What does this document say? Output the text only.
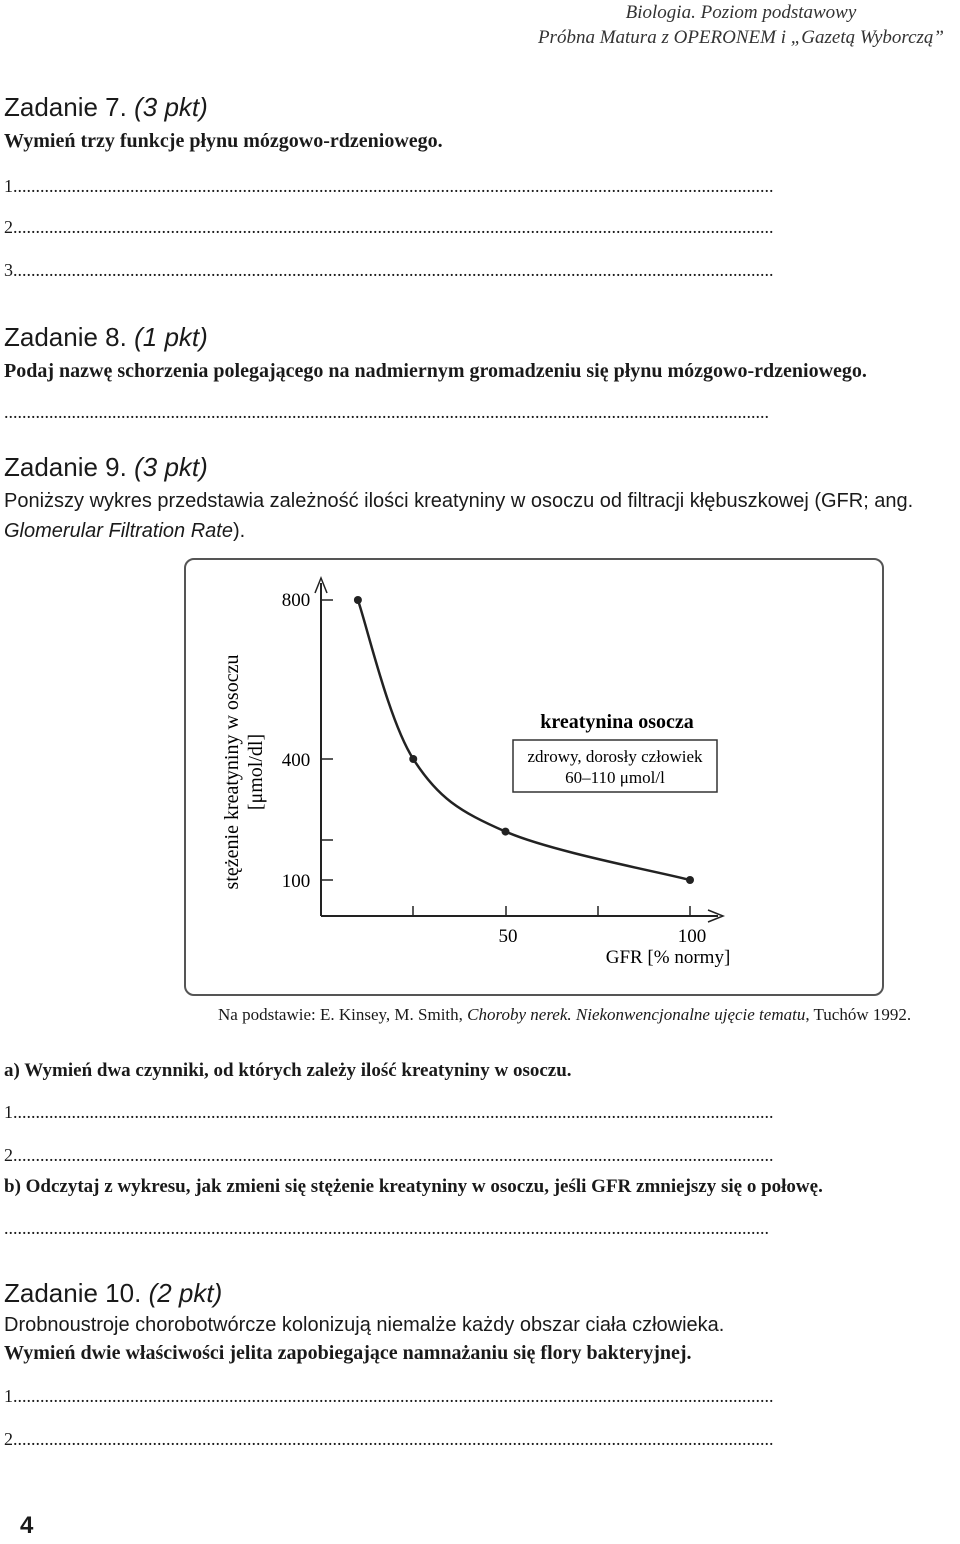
Biologia. Poziom podstawowy
Próbna Matura z OPERONEM i „Gazetą Wyborczą”
Zadanie 7. (3 pkt)
Wymień trzy funkcje płynu mózgowo-rdzeniowego.
1.........................................................................................................................................................................
2.........................................................................................................................................................................
3.........................................................................................................................................................................
Zadanie 8. (1 pkt)
Podaj nazwę schorzenia polegającego na nadmiernym gromadzeniu się płynu mózgowo-rdzeniowego.
..........................................................................................................................................................................
Zadanie 9. (3 pkt)
Poniższy wykres przedstawia zależność ilości kreatyniny w osoczu od filtracji kłębuszkowej (GFR; ang.
Glomerular Filtration Rate).
800
400
100
50	100
GFR [% normy]
stężenie kreatyniny w osoczu [μmol/dl]
kreatynina osocza
zdrowy, dorosły człowiek
60–110 μmol/l
Na podstawie: E. Kinsey, M. Smith, Choroby nerek. Niekonwencjonalne ujęcie tematu, Tuchów 1992.
a) Wymień dwa czynniki, od których zależy ilość kreatyniny w osoczu.
1.........................................................................................................................................................................
2.........................................................................................................................................................................
b) Odczytaj z wykresu, jak zmieni się stężenie kreatyniny w osoczu, jeśli GFR zmniejszy się o połowę.
..........................................................................................................................................................................
Zadanie 10. (2 pkt)
Drobnoustroje chorobotwórcze kolonizują niemalże każdy obszar ciała człowieka.
Wymień dwie właściwości jelita zapobiegające namnażaniu się flory bakteryjnej.
1.........................................................................................................................................................................
2.........................................................................................................................................................................
4
